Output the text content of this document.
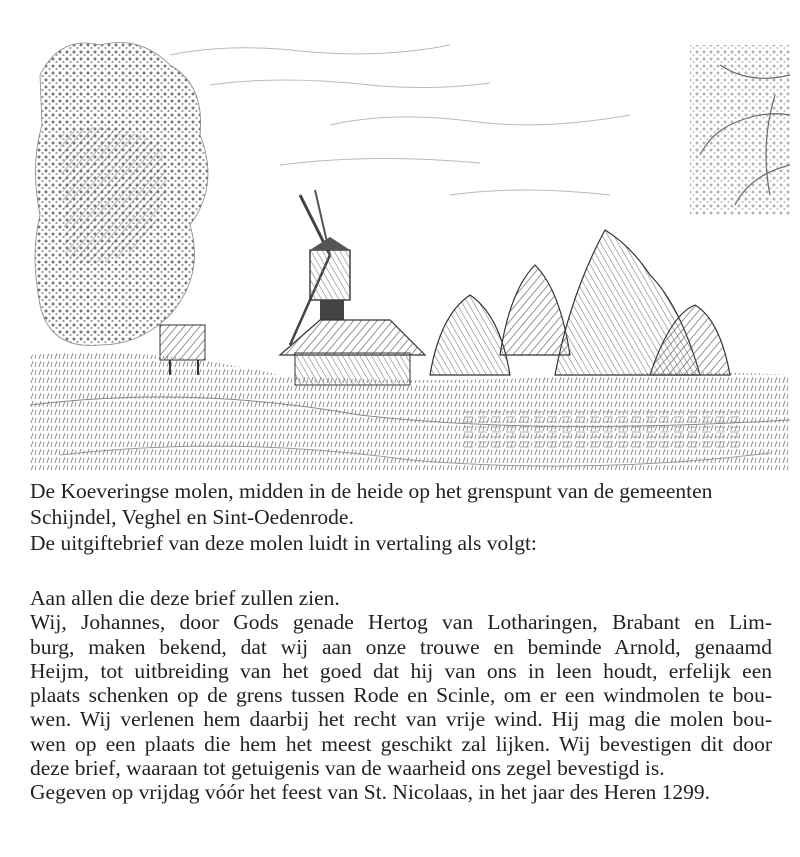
De Koeveringse molen, midden in de heide op het grenspunt van de gemeenten
Schijndel, Veghel en Sint-Oedenrode.
De uitgiftebrief van deze molen luidt in vertaling als volgt:
Aan allen die deze brief zullen zien.
Wij, Johannes, door Gods genade Hertog van Lotharingen, Brabant en Lim-
burg, maken bekend, dat wij aan onze trouwe en beminde Arnold, genaamd
Heijm, tot uitbreiding van het goed dat hij van ons in leen houdt, erfelijk een
plaats schenken op de grens tussen Rode en Scinle, om er een windmolen te bou-
wen. Wij verlenen hem daarbij het recht van vrije wind. Hij mag die molen bou-
wen op een plaats die hem het meest geschikt zal lijken. Wij bevestigen dit door
deze brief, waaraan tot getuigenis van de waarheid ons zegel bevestigd is.
Gegeven op vrijdag vóór het feest van St. Nicolaas, in het jaar des Heren 1299.
